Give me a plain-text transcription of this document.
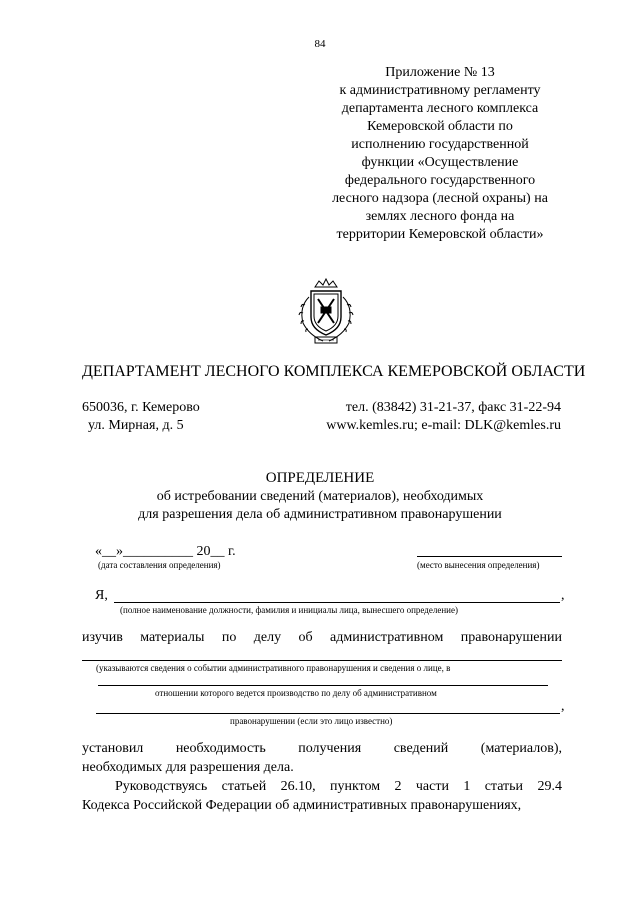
84
Приложение № 13
к административному регламенту
департамента лесного комплекса
Кемеровской области по
исполнению государственной
функции «Осуществление
федерального государственного
лесного надзора (лесной охраны) на
землях лесного фонда на
территории Кемеровской области»
ДЕПАРТАМЕНТ ЛЕСНОГО КОМПЛЕКСА КЕМЕРОВСКОЙ ОБЛАСТИ
650036, г. Кемерово
ул. Мирная, д. 5
тел. (83842) 31-21-37, факс 31-22-94
www.kemles.ru; e-mail: DLK@kemles.ru
ОПРЕДЕЛЕНИЕ
об истребовании сведений (материалов), необходимых
для разрешения дела об административном правонарушении
«__»__________ 20__ г.
(дата составления определения)	(место вынесения определения)
Я,	,
(полное наименование должности, фамилия и инициалы лица, вынесшего определение)
изучив материалы по делу об административном правонарушении
(указываются сведения о событии административного правонарушения и сведения о лице, в
отношении которого ведется производство по делу об административном
,
правонарушении (если это лицо известно)
установил необходимость получения сведений (материалов),
необходимых для разрешения дела.
Руководствуясь статьей 26.10, пунктом 2 части 1 статьи 29.4
Кодекса Российской Федерации об административных правонарушениях,
